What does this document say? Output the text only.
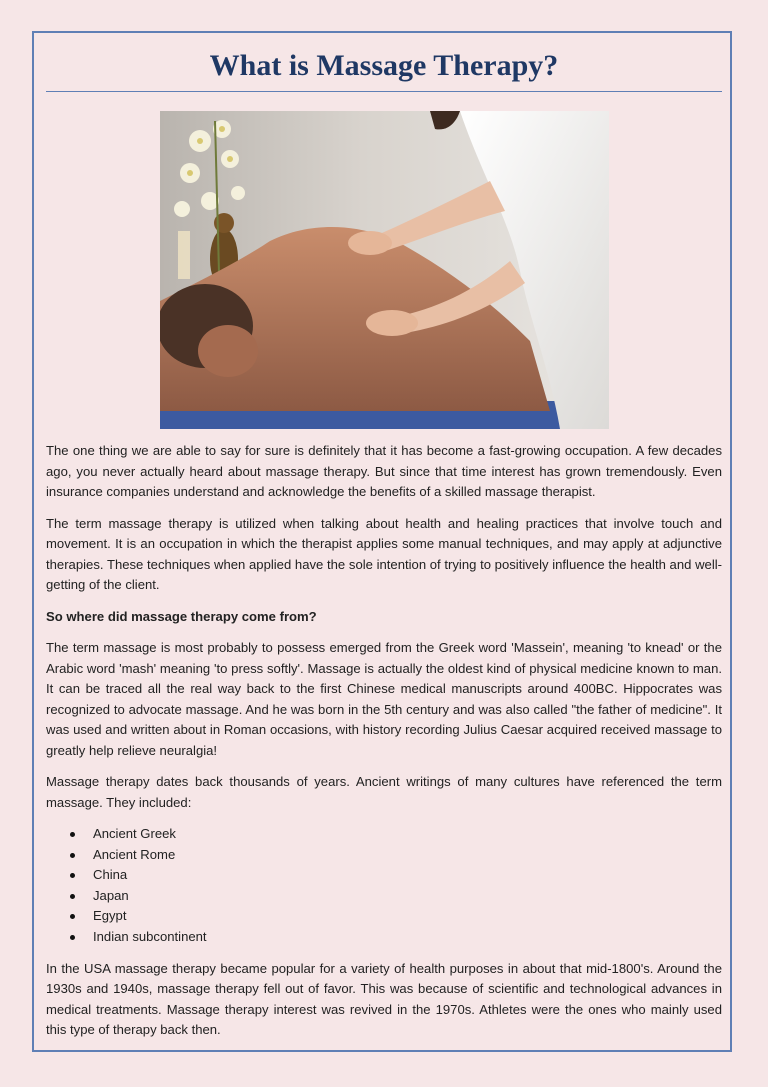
What is Massage Therapy?

The one thing we are able to say for sure is definitely that it has become a fast-growing occupation. A few decades ago, you never actually heard about massage therapy. But since that time interest has grown tremendously. Even insurance companies understand and acknowledge the benefits of a skilled massage therapist.

The term massage therapy is utilized when talking about health and healing practices that involve touch and movement. It is an occupation in which the therapist applies some manual techniques, and may apply at adjunctive therapies. These techniques when applied have the sole intention of trying to positively influence the health and well-getting of the client.

So where did massage therapy come from?

The term massage is most probably to possess emerged from the Greek word 'Massein', meaning 'to knead' or the Arabic word 'mash' meaning 'to press softly'. Massage is actually the oldest kind of physical medicine known to man. It can be traced all the real way back to the first Chinese medical manuscripts around 400BC. Hippocrates was recognized to advocate massage. And he was born in the 5th century and was also called "the father of medicine". It was used and written about in Roman occasions, with history recording Julius Caesar acquired received massage to greatly help relieve neuralgia!

Massage therapy dates back thousands of years. Ancient writings of many cultures have referenced the term massage. They included:

Ancient Greek
Ancient Rome
China
Japan
Egypt
Indian subcontinent

In the USA massage therapy became popular for a variety of health purposes in about that mid-1800's. Around the 1930s and 1940s, massage therapy fell out of favor. This was because of scientific and technological advances in medical treatments. Massage therapy interest was revived in the 1970s. Athletes were the ones who mainly used this type of therapy back then.
